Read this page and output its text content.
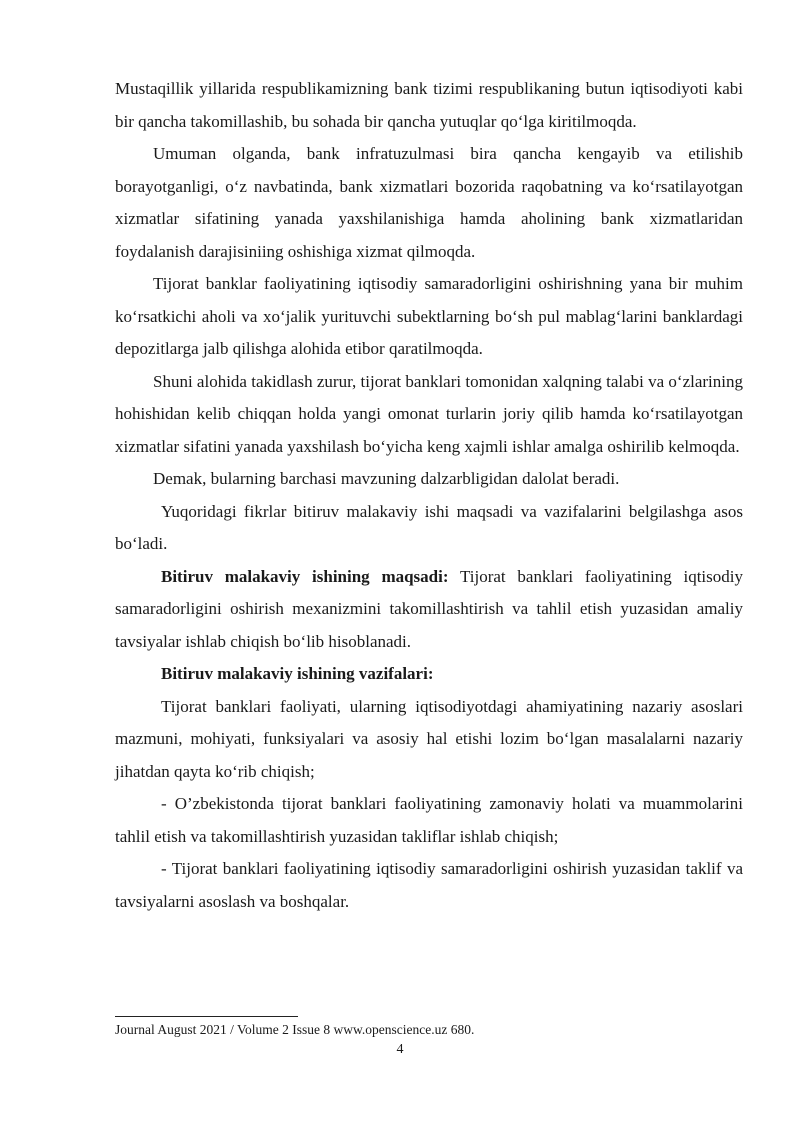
Mustaqillik yillarida respublikamizning bank tizimi respublikaning butun iqtisodiyoti kabi bir qancha takomillashib, bu sohada bir qancha yutuqlar qo‘lga kiritilmoqda.

Umuman olganda, bank infratuzulmasi bira qancha kengayib va etilishib borayotganligi, o‘z navbatinda, bank xizmatlari bozorida raqobatning va ko‘rsatilayotgan xizmatlar sifatining yanada yaxshilanishiga hamda aholining bank xizmatlaridan foydalanish darajisiniing oshishiga xizmat qilmoqda.

Tijorat banklar faoliyatining iqtisodiy samaradorligini oshirishning yana bir muhim ko‘rsatkichi aholi va xo‘jalik yurituvchi subektlarning bo‘sh pul mablag‘larini banklardagi depozitlarga jalb qilishga alohida etibor qaratilmoqda.

Shuni alohida takidlash zurur, tijorat banklari tomonidan xalqning talabi va o‘zlarining hohishidan kelib chiqqan holda yangi omonat turlarin joriy qilib hamda ko‘rsatilayotgan xizmatlar sifatini yanada yaxshilash bo‘yicha keng xajmli ishlar amalga oshirilib kelmoqda.

Demak, bularning barchasi mavzuning dalzarbligidan dalolat beradi.

Yuqoridagi fikrlar bitiruv malakaviy ishi maqsadi va vazifalarini belgilashga asos bo‘ladi.

Bitiruv malakaviy ishining maqsadi: Tijorat banklari faoliyatining iqtisodiy samaradorligini oshirish mexanizmini takomillashtirish va tahlil etish yuzasidan amaliy tavsiyalar ishlab chiqish bo‘lib hisoblanadi.

Bitiruv malakaviy ishining vazifalari:

Tijorat banklari faoliyati, ularning iqtisodiyotdagi ahamiyatining nazariy asoslari mazmuni, mohiyati, funksiyalari va asosiy hal etishi lozim bo‘lgan masalalarni nazariy jihatdan qayta ko‘rib chiqish;

- O’zbekistonda tijorat banklari faoliyatining zamonaviy holati va muammolarini tahlil etish va takomillashtirish yuzasidan takliflar ishlab chiqish;

- Tijorat banklari faoliyatining iqtisodiy samaradorligini oshirish yuzasidan taklif va tavsiyalarni asoslash va boshqalar.

Journal August 2021 / Volume 2 Issue 8 www.openscience.uz 680.
4
